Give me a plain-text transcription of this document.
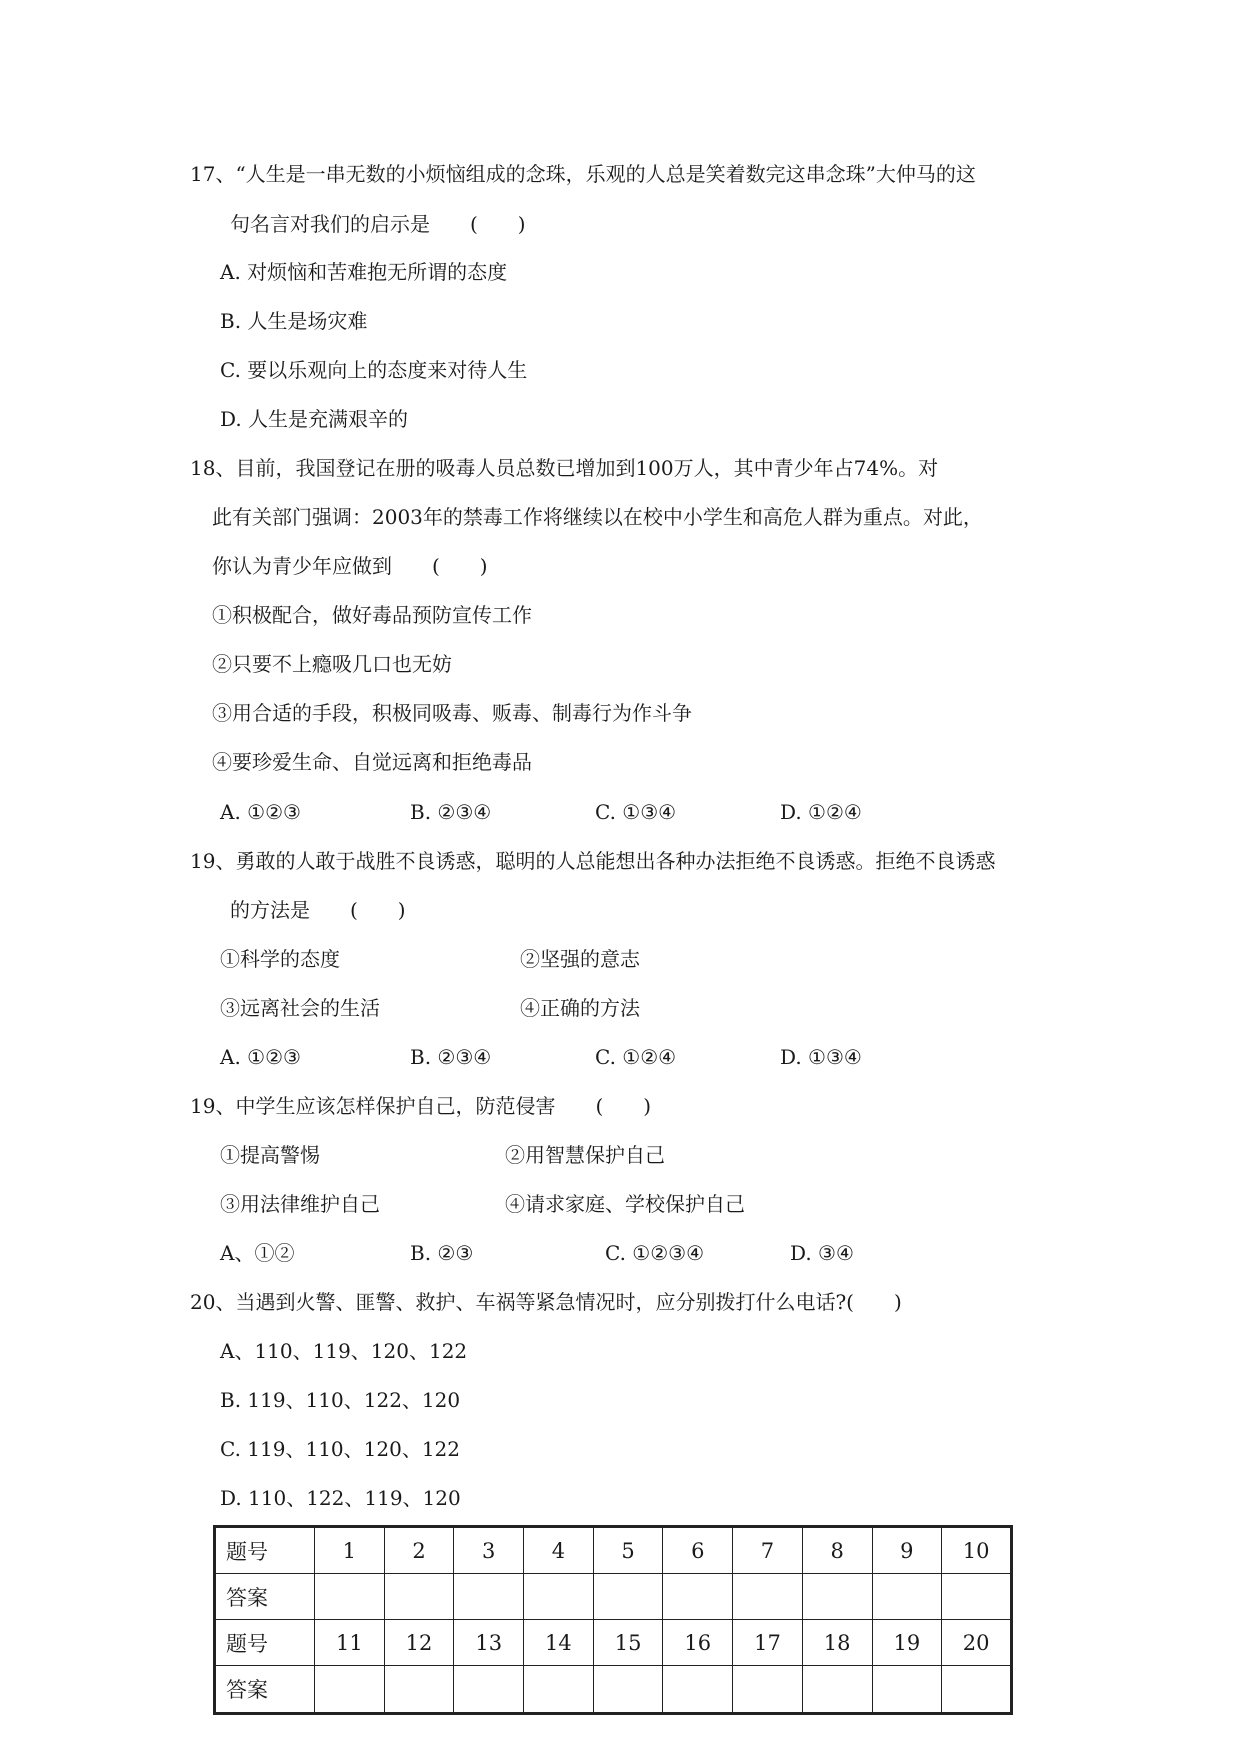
17、“人生是一串无数的小烦恼组成的念珠，乐观的人总是笑着数完这串念珠”大仲马的这
句名言对我们的启示是　　(　　)
A. 对烦恼和苦难抱无所谓的态度
B. 人生是场灾难
C. 要以乐观向上的态度来对待人生
D. 人生是充满艰辛的
18、目前，我国登记在册的吸毒人员总数已增加到100万人，其中青少年占74%。对
此有关部门强调：2003年的禁毒工作将继续以在校中小学生和高危人群为重点。对此，
你认为青少年应做到　　(　　)
①积极配合，做好毒品预防宣传工作
②只要不上瘾吸几口也无妨
③用合适的手段，积极同吸毒、贩毒、制毒行为作斗争
④要珍爱生命、自觉远离和拒绝毒品
A. ①②③	B. ②③④	C. ①③④	D. ①②④
19、勇敢的人敢于战胜不良诱惑，聪明的人总能想出各种办法拒绝不良诱惑。拒绝不良诱惑
的方法是　　(　　)
①科学的态度	②坚强的意志
③远离社会的生活	④正确的方法
A. ①②③	B. ②③④	C. ①②④	D. ①③④
19、中学生应该怎样保护自己，防范侵害　　(　　)
①提高警惕	②用智慧保护自己
③用法律维护自己	④请求家庭、学校保护自己
A、①②	B. ②③	C. ①②③④	D. ③④
20、当遇到火警、匪警、救护、车祸等紧急情况时，应分别拨打什么电话?(　　)
A、110、119、120、122
B. 119、110、122、120
C. 119、110、120、122
D. 110、122、119、120
题号	1	2	3	4	5	6	7	8	9	10
答案										
题号	11	12	13	14	15	16	17	18	19	20
答案										
